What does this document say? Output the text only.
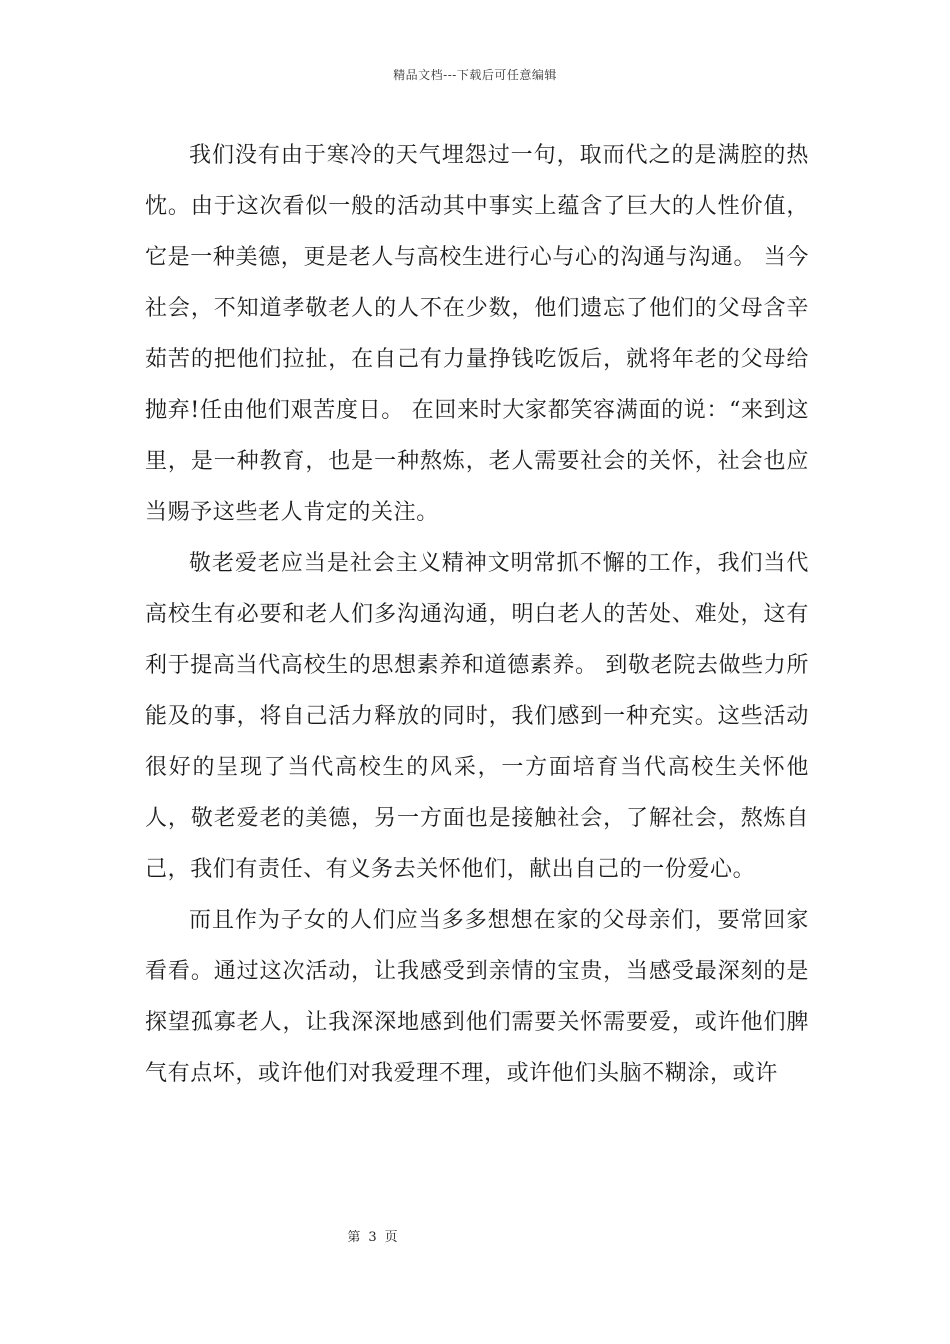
精品文档---下载后可任意编辑

我们没有由于寒冷的天气埋怨过一句，取而代之的是满腔的热忱。由于这次看似一般的活动其中事实上蕴含了巨大的人性价值，它是一种美德，更是老人与高校生进行心与心的沟通与沟通。 当今社会，不知道孝敬老人的人不在少数，他们遗忘了他们的父母含辛茹苦的把他们拉扯，在自己有力量挣钱吃饭后，就将年老的父母给抛弃!任由他们艰苦度日。 在回来时大家都笑容满面的说：“来到这里，是一种教育，也是一种熬炼，老人需要社会的关怀，社会也应当赐予这些老人肯定的关注。

敬老爱老应当是社会主义精神文明常抓不懈的工作，我们当代高校生有必要和老人们多沟通沟通，明白老人的苦处、难处，这有利于提高当代高校生的思想素养和道德素养。 到敬老院去做些力所能及的事，将自己活力释放的同时，我们感到一种充实。这些活动很好的呈现了当代高校生的风采，一方面培育当代高校生关怀他人，敬老爱老的美德，另一方面也是接触社会，了解社会，熬炼自己，我们有责任、有义务去关怀他们，献出自己的一份爱心。

而且作为子女的人们应当多多想想在家的父母亲们，要常回家看看。通过这次活动，让我感受到亲情的宝贵，当感受最深刻的是探望孤寡老人，让我深深地感到他们需要关怀需要爱，或许他们脾气有点坏，或许他们对我爱理不理，或许他们头脑不糊涂，或许

第 3 页
